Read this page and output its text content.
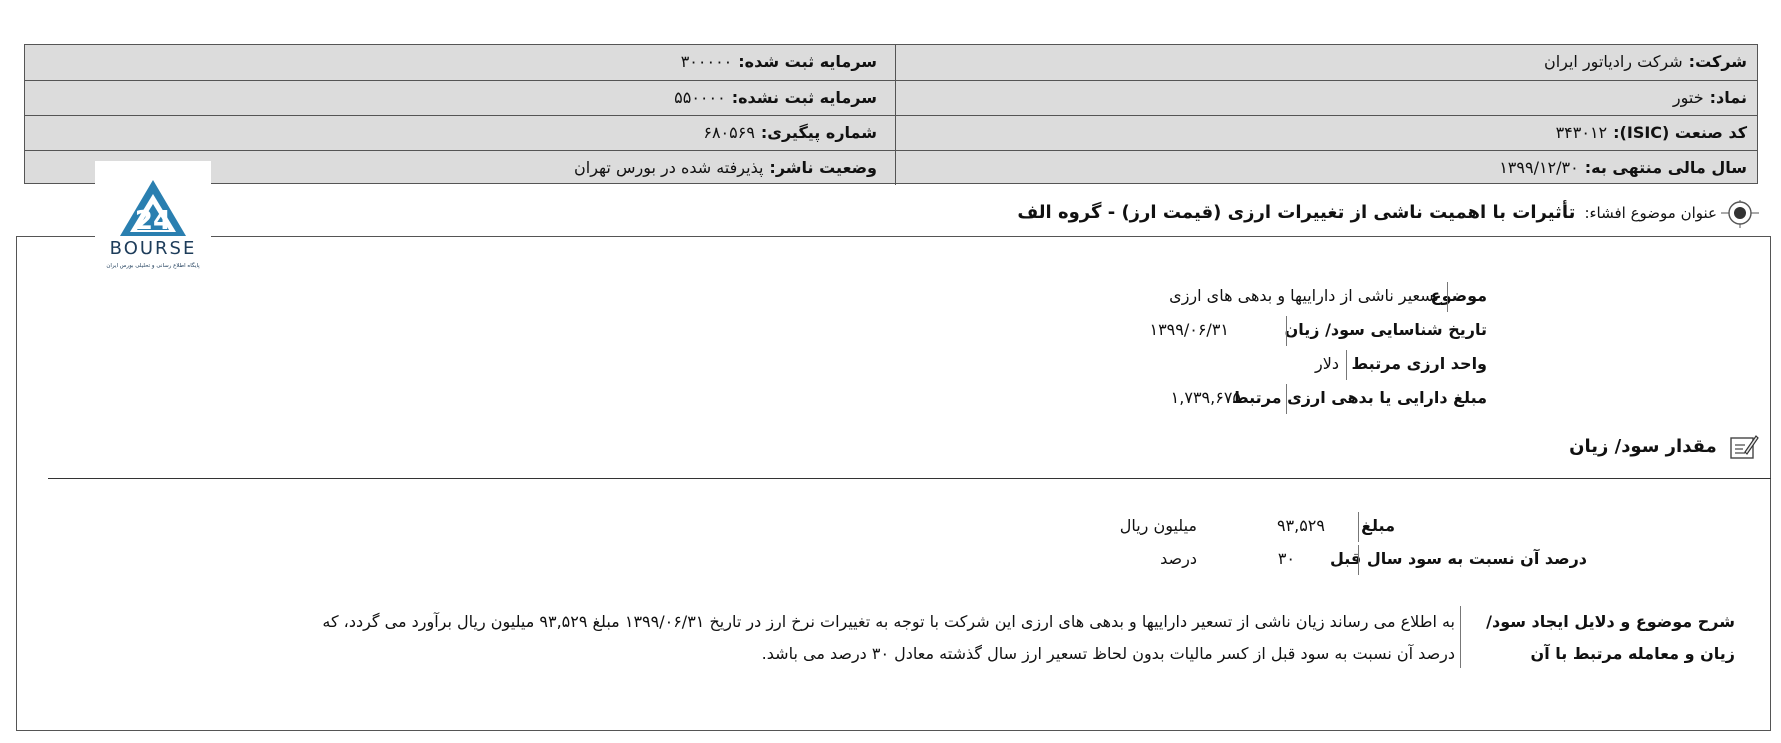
شرکت:شرکت رادیاتور ایران
سرمایه ثبت شده:۳۰۰۰۰۰
نماد:ختور
سرمایه ثبت نشده:۵۵۰۰۰۰
کد صنعت (ISIC):۳۴۳۰۱۲
شماره پیگیری:۶۸۰۵۶۹
سال مالی منتهی به:۱۳۹۹/۱۲/۳۰
وضعیت ناشر:پذیرفته شده در بورس تهران
عنوان موضوع افشاء: تأثیرات با اهمیت ناشی از تغییرات ارزی (قیمت ارز) - گروه الف
24
BOURSE
پایگاه اطلاع رسانی و تحلیلی بورس ایران
موضوع
تسعیر ناشی از داراییها و بدهی های ارزی
تاریخ شناسایی سود/ زیان
۱۳۹۹/۰۶/۳۱
واحد ارزی مرتبط
دلار
مبلغ دارایی یا بدهی ارزی مرتبط
۱,۷۳۹,۶۷۵
مقدار سود/ زیان
مبلغ
۹۳,۵۲۹
میلیون ریال
درصد آن نسبت به سود سال قبل
۳۰
درصد
شرح موضوع و دلایل ایجاد سود/ زیان و معامله مرتبط با آن
به اطلاع می رساند زیان ناشی از تسعیر داراییها و بدهی های ارزی این شرکت با توجه به تغییرات نرخ ارز در تاریخ ۱۳۹۹/۰۶/۳۱ مبلغ ۹۳,۵۲۹ میلیون ریال برآورد می گردد، که درصد آن نسبت به سود قبل از کسر مالیات بدون لحاظ تسعیر ارز سال گذشته معادل ۳۰ درصد می باشد.
